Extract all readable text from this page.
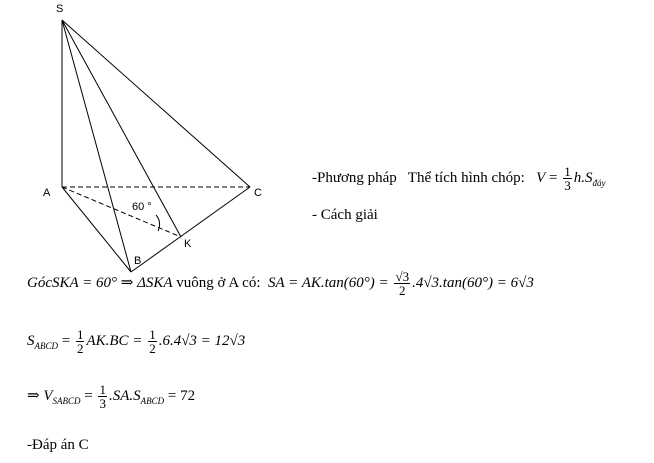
S
A
B
C
K
60 °
-Phương pháp Thể tích hình chóp: $V = \frac{1}{3} h.S_{đáy}$
- Cách giải
GócSKA = 60° ⇒ ΔSKA vuông ở A có: SA = $AK.\tan(60^\circ) = \frac{√3}{2} .4√3.\tan(60^\circ) = 6√3$
$S_{ABCD} = \frac{1}{2} AK.BC = \frac{1}{2} .6.4√3 = 12√3$
⇒ $V_{SABCD} = \frac{1}{3} .SA.S_{ABCD} = 72$
-Đáp án C
